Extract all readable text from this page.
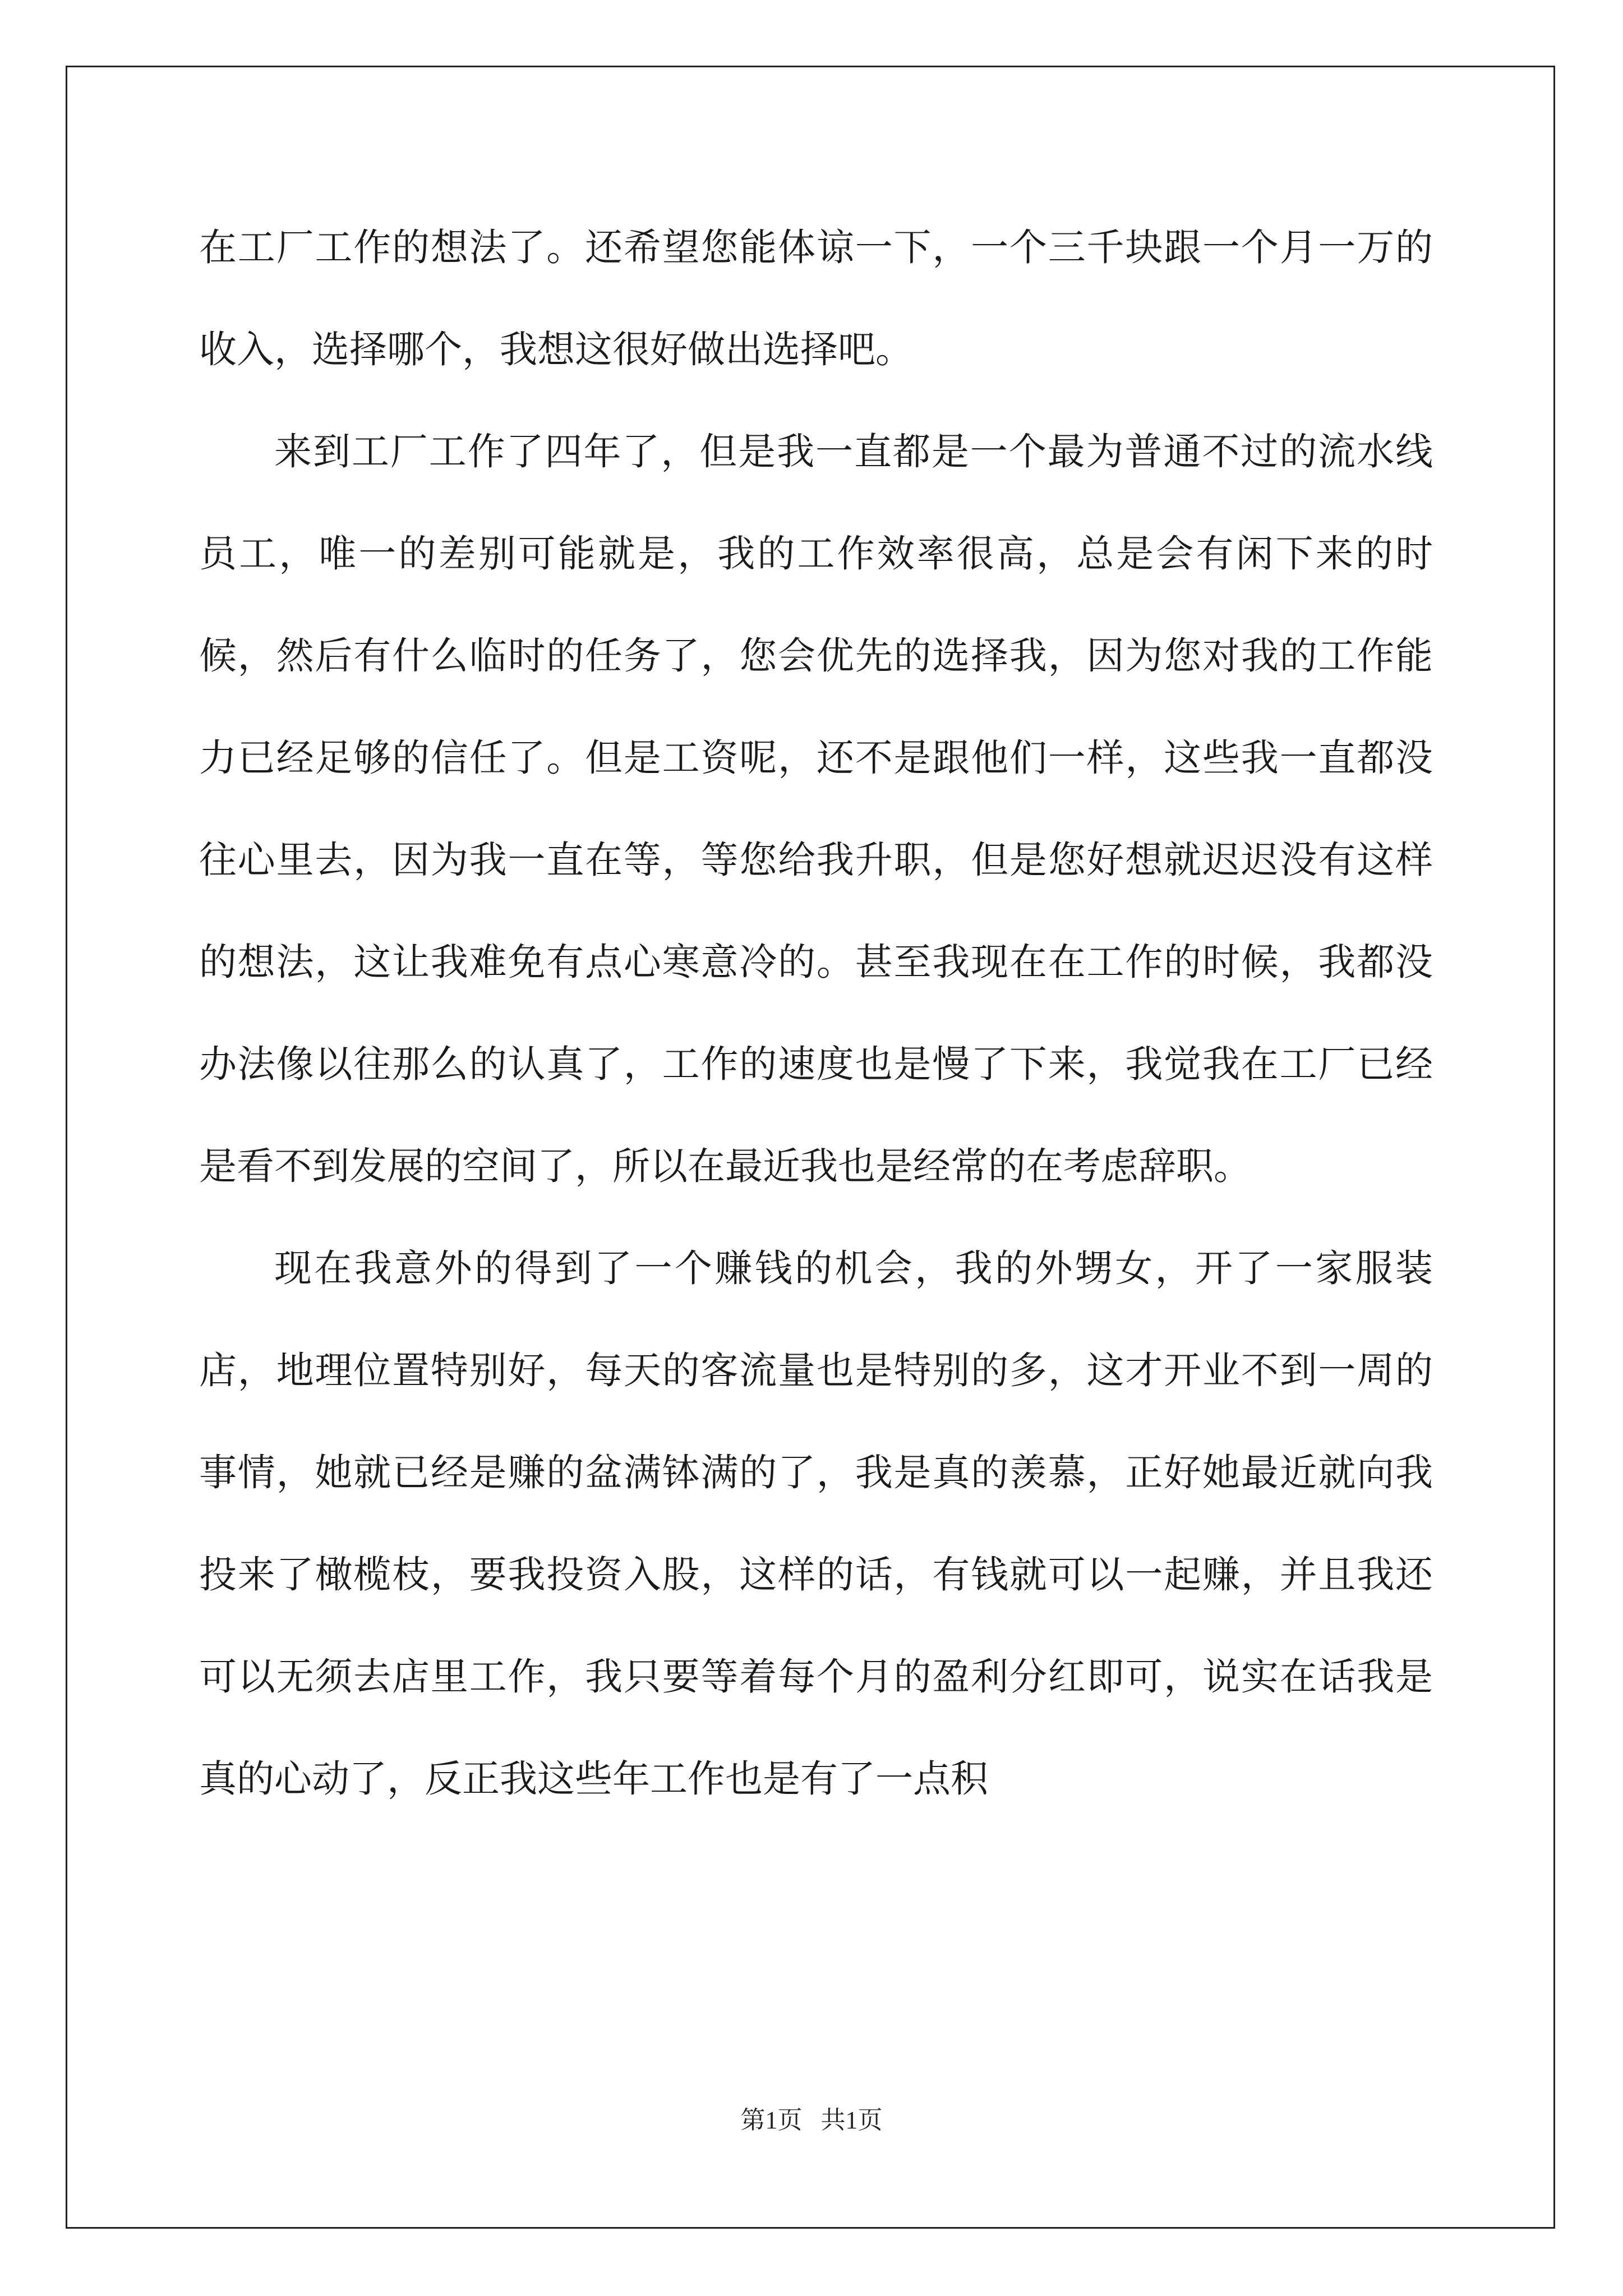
在工厂工作的想法了。还希望您能体谅一下，一个三千块跟一个月一万的收入，选择哪个，我想这很好做出选择吧。

来到工厂工作了四年了，但是我一直都是一个最为普通不过的流水线员工，唯一的差别可能就是，我的工作效率很高，总是会有闲下来的时候，然后有什么临时的任务了，您会优先的选择我，因为您对我的工作能力已经足够的信任了。但是工资呢，还不是跟他们一样，这些我一直都没往心里去，因为我一直在等，等您给我升职，但是您好想就迟迟没有这样的想法，这让我难免有点心寒意冷的。甚至我现在在工作的时候，我都没办法像以往那么的认真了，工作的速度也是慢了下来，我觉我在工厂已经是看不到发展的空间了，所以在最近我也是经常的在考虑辞职。

现在我意外的得到了一个赚钱的机会，我的外甥女，开了一家服装店，地理位置特别好，每天的客流量也是特别的多，这才开业不到一周的事情，她就已经是赚的盆满钵满的了，我是真的羡慕，正好她最近就向我投来了橄榄枝，要我投资入股，这样的话，有钱就可以一起赚，并且我还可以无须去店里工作，我只要等着每个月的盈利分红即可，说实在话我是真的心动了，反正我这些年工作也是有了一点积

第1页   共1页
